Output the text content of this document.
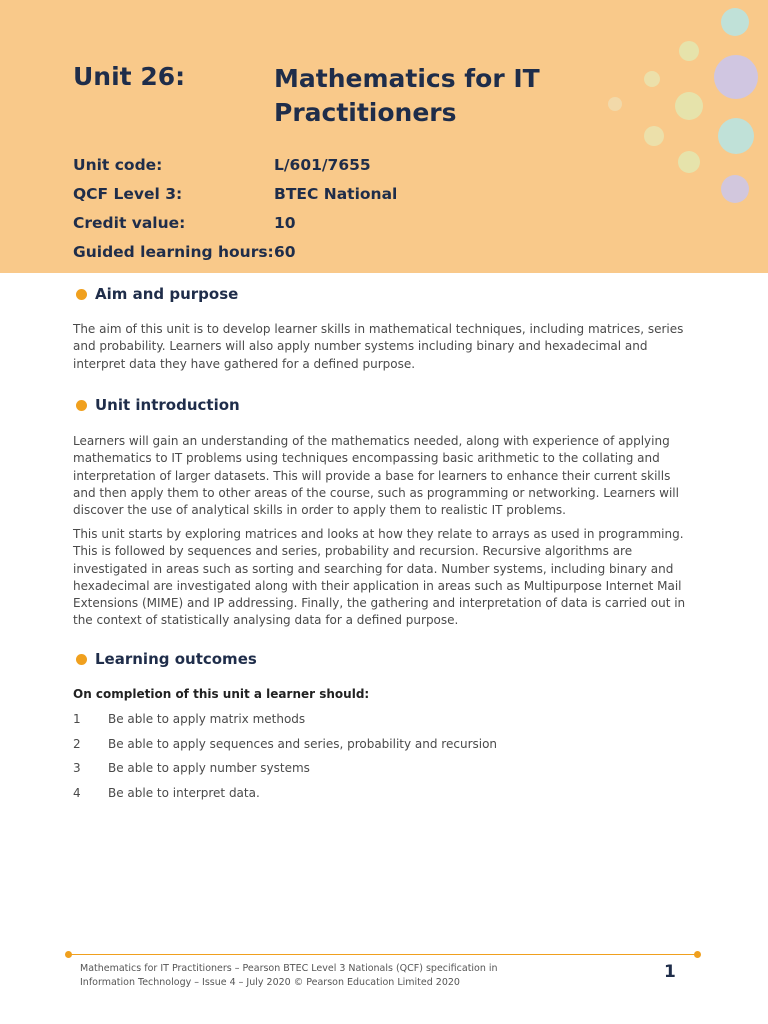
Unit 26:	Mathematics for IT Practitioners
Unit code:	L/601/7655
QCF Level 3:	BTEC National
Credit value:	10
Guided learning hours: 60
Aim and purpose
The aim of this unit is to develop learner skills in mathematical techniques, including matrices, series and probability. Learners will also apply number systems including binary and hexadecimal and interpret data they have gathered for a defined purpose.
Unit introduction
Learners will gain an understanding of the mathematics needed, along with experience of applying mathematics to IT problems using techniques encompassing basic arithmetic to the collating and interpretation of larger datasets. This will provide a base for learners to enhance their current skills and then apply them to other areas of the course, such as programming or networking. Learners will discover the use of analytical skills in order to apply them to realistic IT problems.
This unit starts by exploring matrices and looks at how they relate to arrays as used in programming. This is followed by sequences and series, probability and recursion. Recursive algorithms are investigated in areas such as sorting and searching for data. Number systems, including binary and hexadecimal are investigated along with their application in areas such as Multipurpose Internet Mail Extensions (MIME) and IP addressing. Finally, the gathering and interpretation of data is carried out in the context of statistically analysing data for a defined purpose.
Learning outcomes
On completion of this unit a learner should:
1	Be able to apply matrix methods
2	Be able to apply sequences and series, probability and recursion
3	Be able to apply number systems
4	Be able to interpret data.
Mathematics for IT Practitioners – Pearson BTEC Level 3 Nationals (QCF) specification in Information Technology – Issue 4 – July 2020 © Pearson Education Limited 2020
1
